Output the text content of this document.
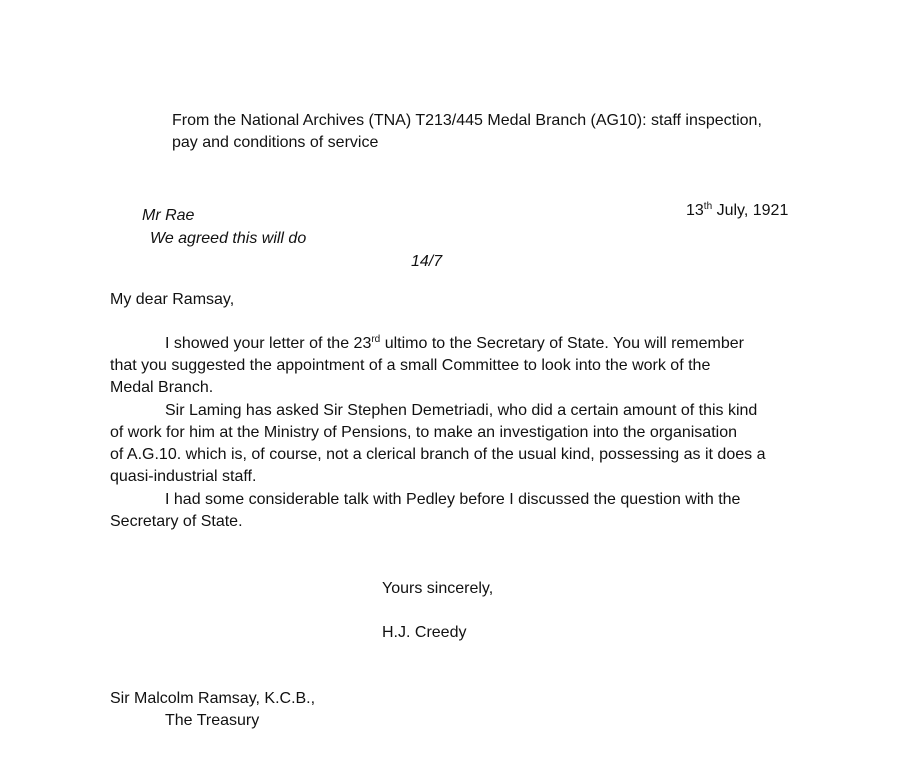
From the National Archives (TNA) T213/445 Medal Branch (AG10): staff inspection,
pay and conditions of service
Mr Rae
We agreed this will do
14/7
13th July, 1921
My dear Ramsay,
I showed your letter of the 23rd ultimo to the Secretary of State. You will remember
that you suggested the appointment of a small Committee to look into the work of the
Medal Branch.
Sir Laming has asked Sir Stephen Demetriadi, who did a certain amount of this kind
of work for him at the Ministry of Pensions, to make an investigation into the organisation
of A.G.10. which is, of course, not a clerical branch of the usual kind, possessing as it does a
quasi-industrial staff.
I had some considerable talk with Pedley before I discussed the question with the
Secretary of State.
Yours sincerely,
H.J. Creedy
Sir Malcolm Ramsay, K.C.B.,
The Treasury
